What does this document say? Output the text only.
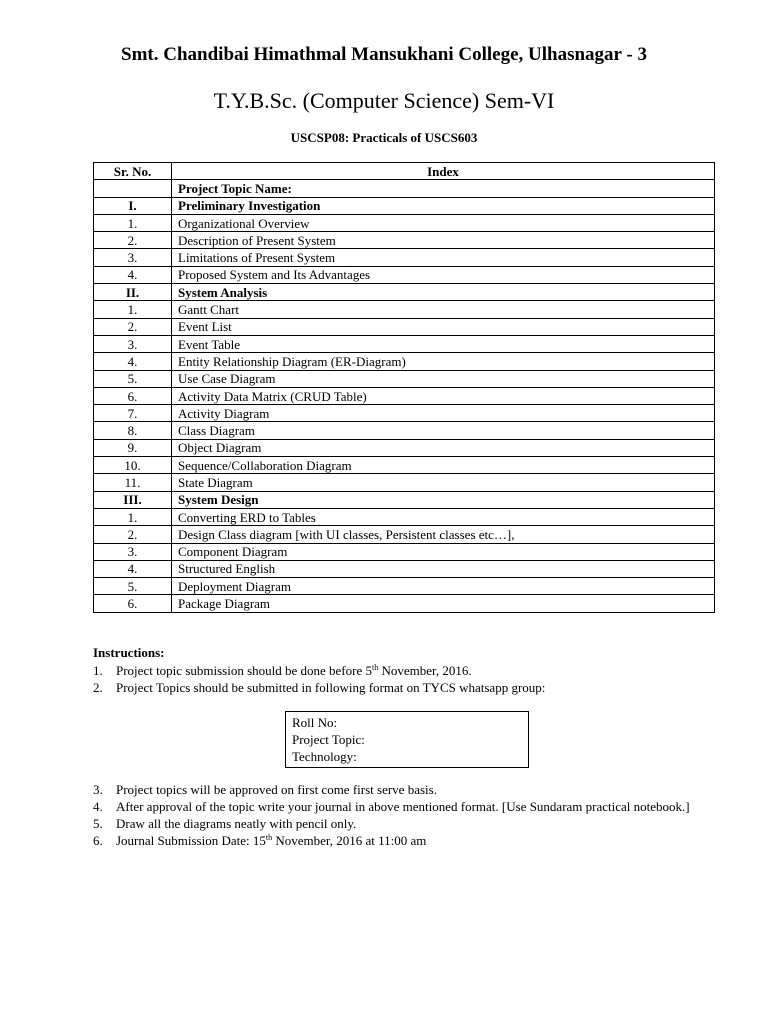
Smt. Chandibai Himathmal Mansukhani College, Ulhasnagar - 3
T.Y.B.Sc. (Computer Science) Sem-VI
USCSP08: Practicals of USCS603
Sr. No.	Index
	Project Topic Name:
I.	Preliminary Investigation
1.	Organizational Overview
2.	Description of Present System
3.	Limitations of Present System
4.	Proposed System and Its Advantages
II.	System Analysis
1.	Gantt Chart
2.	Event List
3.	Event Table
4.	Entity Relationship Diagram (ER-Diagram)
5.	Use Case Diagram
6.	Activity Data Matrix (CRUD Table)
7.	Activity Diagram
8.	Class Diagram
9.	Object Diagram
10.	Sequence/Collaboration Diagram
11.	State Diagram
III.	System Design
1.	Converting ERD to Tables
2.	Design Class diagram [with UI classes, Persistent classes etc…],
3.	Component Diagram
4.	Structured English
5.	Deployment Diagram
6.	Package Diagram
Instructions:
1.	Project topic submission should be done before 5th November, 2016.
2.	Project Topics should be submitted in following format on TYCS whatsapp group:
Roll No:
Project Topic:
Technology:
3.	Project topics will be approved on first come first serve basis.
4.	After approval of the topic write your journal in above mentioned format. [Use Sundaram practical notebook.]
5.	Draw all the diagrams neatly with pencil only.
6.	Journal Submission Date: 15th November, 2016 at 11:00 am
